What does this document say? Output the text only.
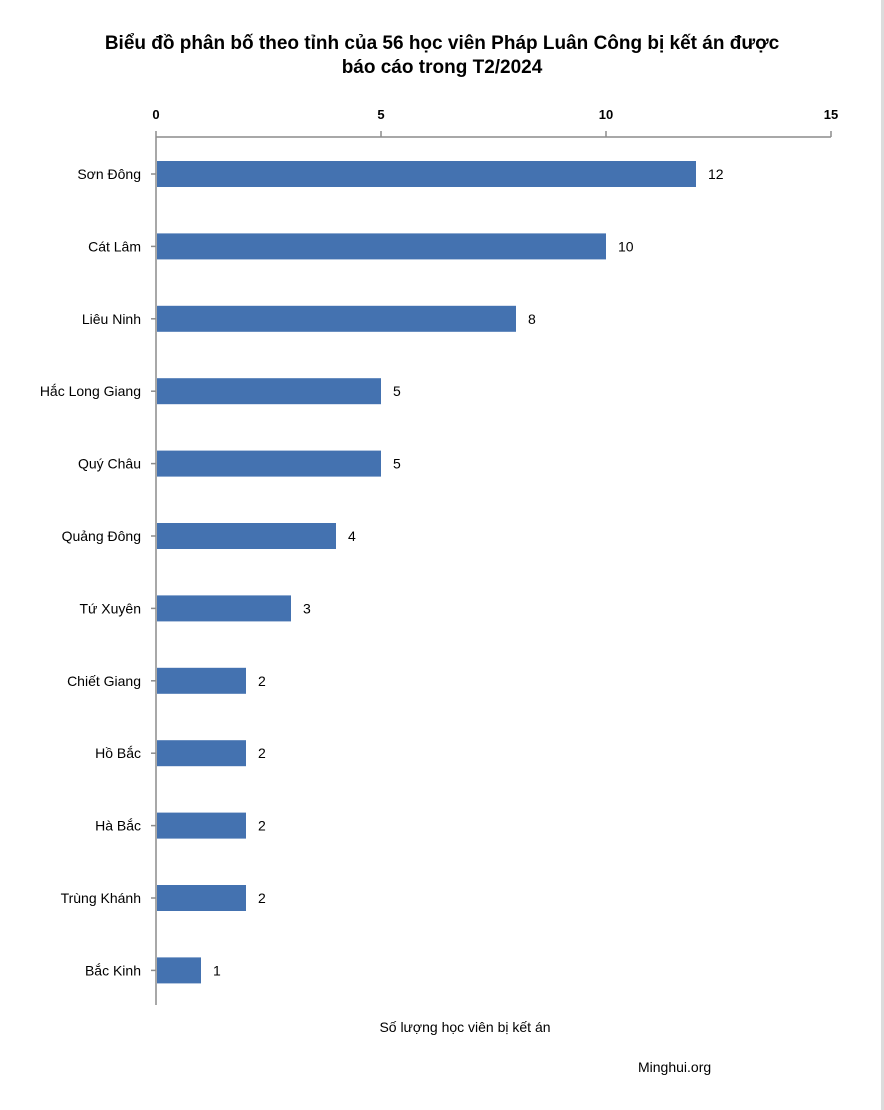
Biểu đồ phân bố theo tỉnh của 56 học viên Pháp Luân Công bị kết án được
báo cáo trong T2/2024
0	5	10	15
Sơn Đông	12
Cát Lâm	10
Liêu Ninh	8
Hắc Long Giang	5
Quý Châu	5
Quảng Đông	4
Tứ Xuyên	3
Chiết Giang	2
Hồ Bắc	2
Hà Bắc	2
Trùng Khánh	2
Bắc Kinh	1
Số lượng học viên bị kết án
Minghui.org
